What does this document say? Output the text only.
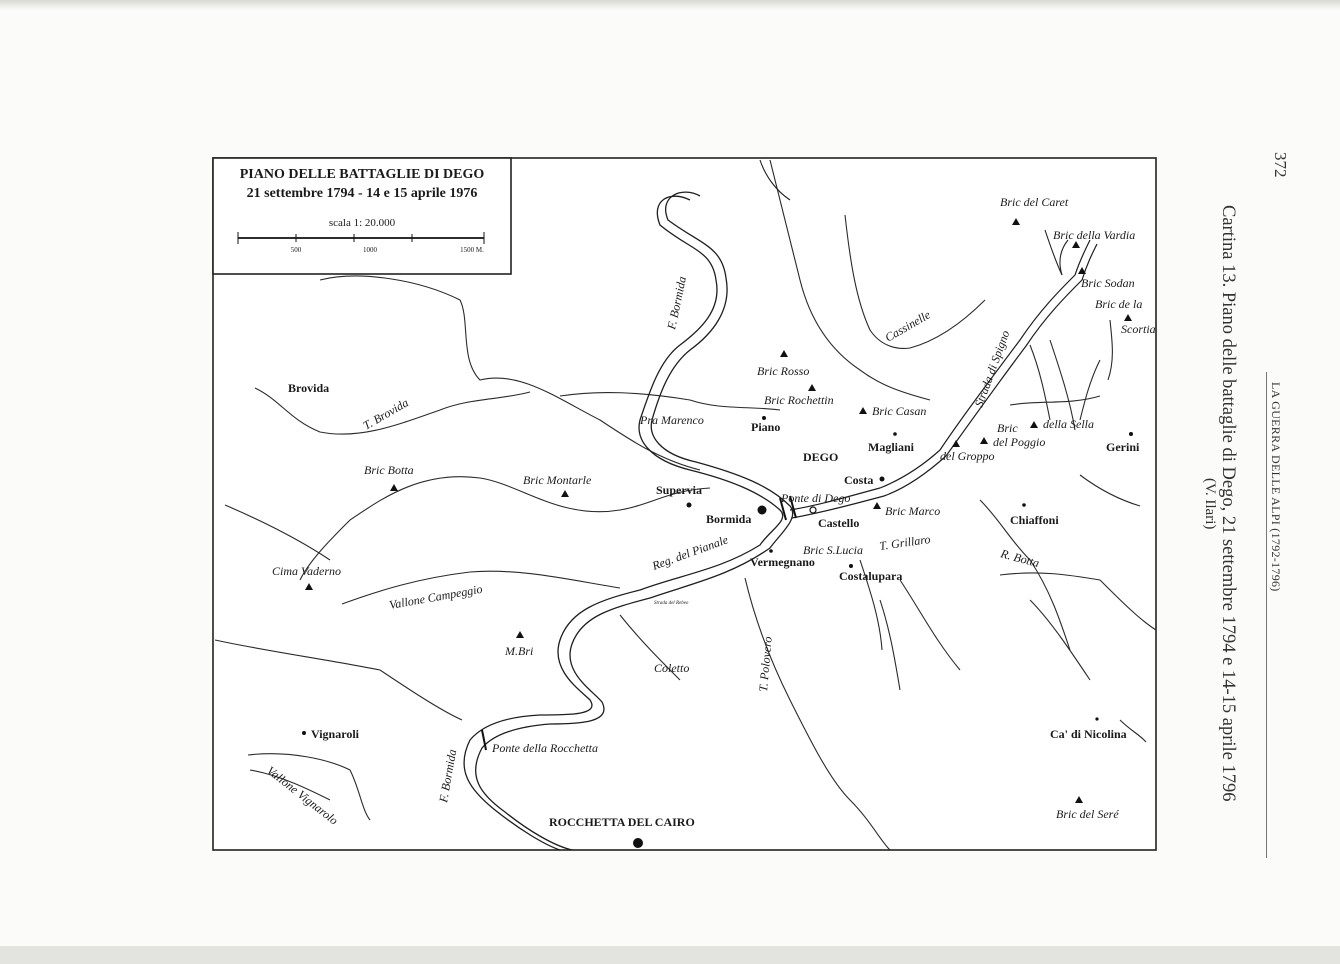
PIANO DELLE BATTAGLIE DI DEGO
21 settembre 1794 - 14 e 15 aprile 1976
scala 1: 20.000
500	1000	1500 M.
Bric del Caret
Bric della Vardia
Bric Sodan
Bric de la
Scortia
Cassinelle
Strada di Spigno
F. Bormida
Bric Rosso
Bric Rochettin
Bric Casan
Pra Marenco	Piano
Magliani
DEGO
Bric della Sella
del Poggio
del Groppo
Gerini
Brovida
T. Brovida
Bric Botta
Bric Montarle
Supervia
Costa
Ponte di Dego
Bric Marco
Bormida	Castello	Chiaffoni
T. Grillaro
Bric S.Lucia
Reg. del Pianale Vermegnano
Costalupara
R. Botta
Cima Vaderno
Vallone Campeggio	Strada del Rebeo
M.Bri	T. Polovero
Coletto
Vignaroli
Ponte della Rocchetta
Ca' di Nicolina
Vallone Vignarolo	F. Bormida
ROCCHETTA DEL CAIRO
Bric del Seré
372
LA GUERRA DELLE ALPI (1792-1796)
Cartina 13. Piano delle battaglie di Dego, 21 settembre 1794 e 14-15 aprile 1796
(V. Ilari)
